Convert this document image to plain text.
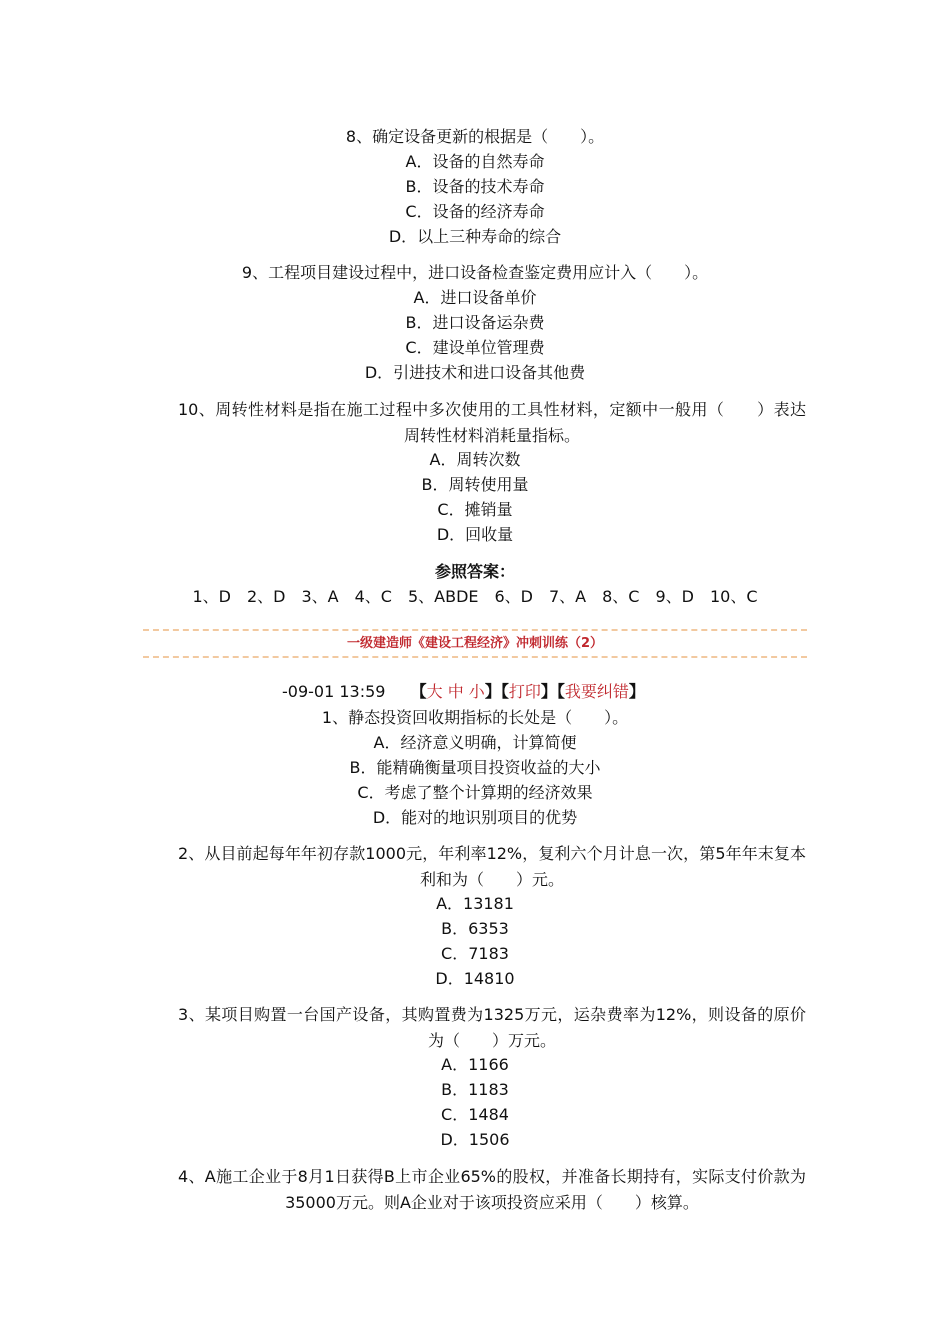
8、确定设备更新的根据是（　　）。
A．设备的自然寿命
B．设备的技术寿命
C．设备的经济寿命
D．以上三种寿命的综合
9、工程项目建设过程中，进口设备检查鉴定费用应计入（　　）。
A．进口设备单价
B．进口设备运杂费
C．建设单位管理费
D．引进技术和进口设备其他费
10、周转性材料是指在施工过程中多次使用的工具性材料，定额中一般用（　　）表达周转性材料消耗量指标。
A．周转次数
B．周转使用量
C．摊销量
D．回收量
参照答案：
1、D　2、D　3、A　4、C　5、ABDE　6、D　7、A　8、C　9、D　10、C
一级建造师《建设工程经济》冲刺训练（2）
-09-01 13:59 【大 中 小】【打印】【我要纠错】
1、静态投资回收期指标的长处是（　　）。
A．经济意义明确，计算简便
B．能精确衡量项目投资收益的大小
C．考虑了整个计算期的经济效果
D．能对的地识别项目的优势
2、从目前起每年年初存款1000元，年利率12%，复利六个月计息一次，第5年年末复本利和为（　　）元。
A．13181
B．6353
C．7183
D．14810
3、某项目购置一台国产设备，其购置费为1325万元，运杂费率为12%，则设备的原价为（　　）万元。
A．1166
B．1183
C．1484
D．1506
4、A施工企业于8月1日获得B上市企业65%的股权，并准备长期持有，实际支付价款为35000万元。则A企业对于该项投资应采用（　　）核算。
